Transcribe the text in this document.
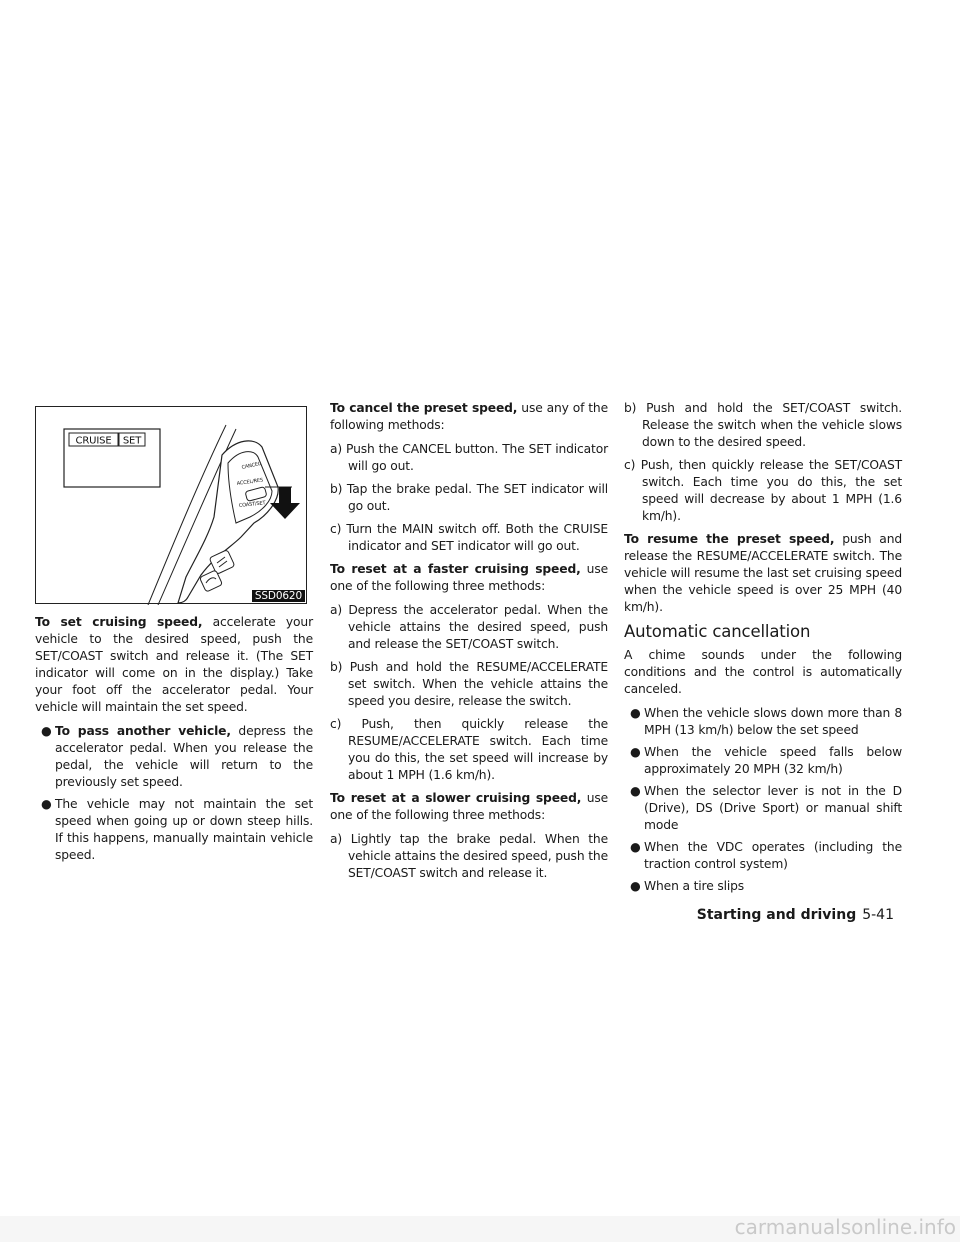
CRUISE SET
CANCEL
ACCEL/RES
COAST/SET
SSD0620

To set cruising speed, accelerate your vehicle to the desired speed, push the SET/COAST switch and release it. (The SET indicator will come on in the display.) Take your foot off the accelerator pedal. Your vehicle will maintain the set speed.

● To pass another vehicle, depress the accelerator pedal. When you release the pedal, the vehicle will return to the previously set speed.

● The vehicle may not maintain the set speed when going up or down steep hills. If this happens, manually maintain vehicle speed.

To cancel the preset speed, use any of the following methods:

a) Push the CANCEL button. The SET indicator will go out.

b) Tap the brake pedal. The SET indicator will go out.

c) Turn the MAIN switch off. Both the CRUISE indicator and SET indicator will go out.

To reset at a faster cruising speed, use one of the following three methods:

a) Depress the accelerator pedal. When the vehicle attains the desired speed, push and release the SET/COAST switch.

b) Push and hold the RESUME/ACCELERATE set switch. When the vehicle attains the speed you desire, release the switch.

c) Push, then quickly release the RESUME/ACCELERATE switch. Each time you do this, the set speed will increase by about 1 MPH (1.6 km/h).

To reset at a slower cruising speed, use one of the following three methods:

a) Lightly tap the brake pedal. When the vehicle attains the desired speed, push the SET/COAST switch and release it.

b) Push and hold the SET/COAST switch. Release the switch when the vehicle slows down to the desired speed.

c) Push, then quickly release the SET/COAST switch. Each time you do this, the set speed will decrease by about 1 MPH (1.6 km/h).

To resume the preset speed, push and release the RESUME/ACCELERATE switch. The vehicle will resume the last set cruising speed when the vehicle speed is over 25 MPH (40 km/h).

Automatic cancellation

A chime sounds under the following conditions and the control is automatically canceled.

● When the vehicle slows down more than 8 MPH (13 km/h) below the set speed

● When the vehicle speed falls below approximately 20 MPH (32 km/h)

● When the selector lever is not in the D (Drive), DS (Drive Sport) or manual shift mode

● When the VDC operates (including the traction control system)

● When a tire slips

Starting and driving 5-41
carmanualsonline.info
